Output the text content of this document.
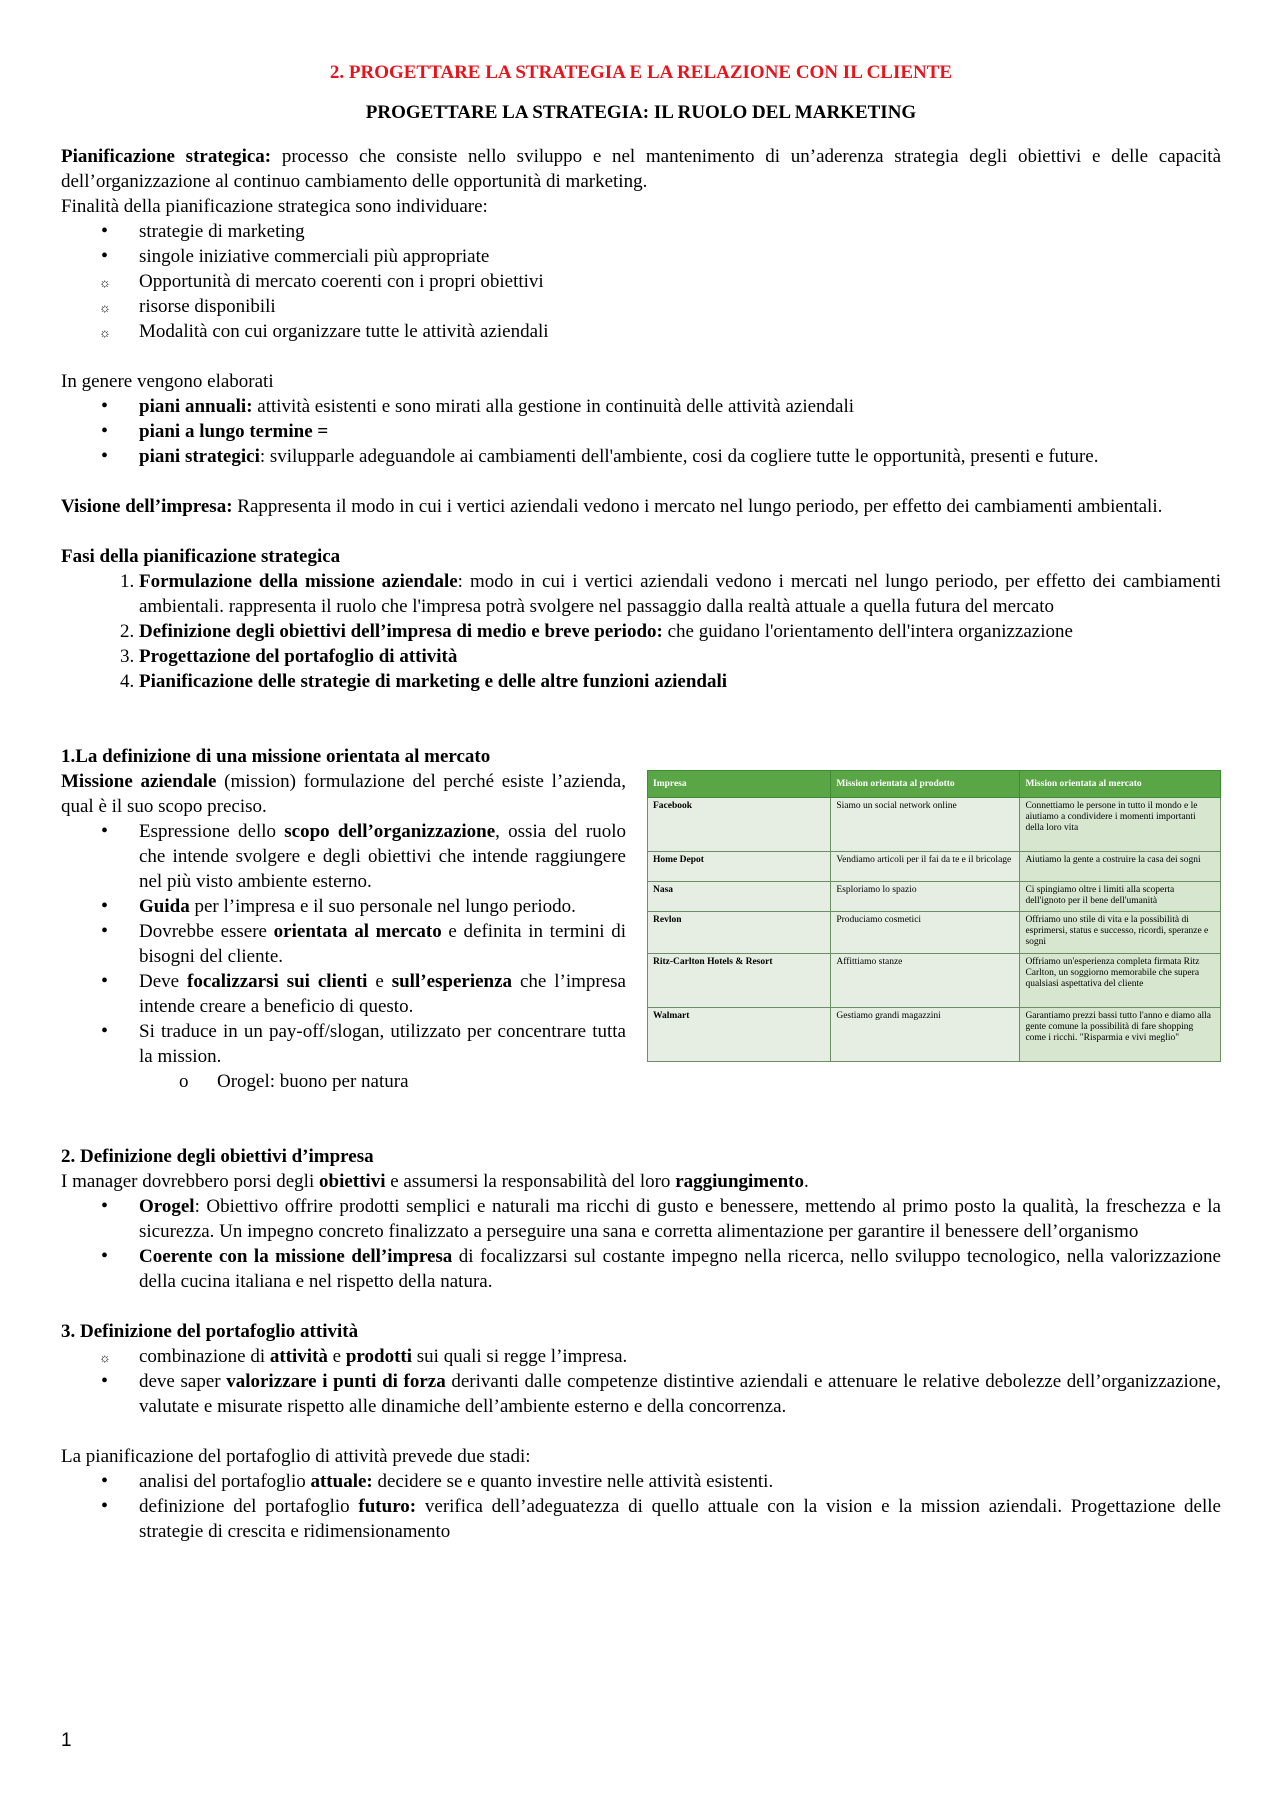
2. PROGETTARE LA STRATEGIA E LA RELAZIONE CON IL CLIENTE
PROGETTARE LA STRATEGIA: IL RUOLO DEL MARKETING

Pianificazione strategica: processo che consiste nello sviluppo e nel mantenimento di un’aderenza strategia degli obiettivi e delle capacità dell’organizzazione al continuo cambiamento delle opportunità di marketing.

Finalità della pianificazione strategica sono individuare:

• strategie di marketing
• singole iniziative commerciali più appropriate
☼ Opportunità di mercato coerenti con i propri obiettivi
☼ risorse disponibili
☼ Modalità con cui organizzare tutte le attività aziendali

In genere vengono elaborati

• piani annuali: attività esistenti e sono mirati alla gestione in continuità delle attività aziendali
• piani a lungo termine =
• piani strategici: svilupparle adeguandole ai cambiamenti dell'ambiente, cosi da cogliere tutte le opportunità, presenti e future.

Visione dell’impresa: Rappresenta il modo in cui i vertici aziendali vedono i mercato nel lungo periodo, per effetto dei cambiamenti ambientali.

Fasi della pianificazione strategica

1. Formulazione della missione aziendale: modo in cui i vertici aziendali vedono i mercati nel lungo periodo, per effetto dei cambiamenti ambientali. rappresenta il ruolo che l'impresa potrà svolgere nel passaggio dalla realtà attuale a quella futura del mercato
2. Definizione degli obiettivi dell’impresa di medio e breve periodo: che guidano l'orientamento dell'intera organizzazione
3. Progettazione del portafoglio di attività
4. Pianificazione delle strategie di marketing e delle altre funzioni aziendali

1.La definizione di una missione orientata al mercato

Missione aziendale (mission) formulazione del perché esiste l’azienda, qual è il suo scopo preciso.

• Espressione dello scopo dell’organizzazione, ossia del ruolo che intende svolgere e degli obiettivi che intende raggiungere nel più visto ambiente esterno.
• Guida per l’impresa e il suo personale nel lungo periodo.
• Dovrebbe essere orientata al mercato e definita in termini di bisogni del cliente.
• Deve focalizzarsi sui clienti e sull’esperienza che l’impresa intende creare a beneficio di questo.
• Si traduce in un pay-off/slogan, utilizzato per concentrare tutta la mission.
o Orogel: buono per natura
Impresa	Mission orientata al prodotto	Mission orientata al mercato
Facebook	Siamo un social network online	Connettiamo le persone in tutto il mondo e le aiutiamo a condividere i momenti importanti della loro vita
Home Depot	Vendiamo articoli per il fai da te e il bricolage	Aiutiamo la gente a costruire la casa dei sogni
Nasa	Esploriamo lo spazio	Ci spingiamo oltre i limiti alla scoperta dell'ignoto per il bene dell'umanità
Revlon	Produciamo cosmetici	Offriamo uno stile di vita e la possibilità di esprimersi, status e successo, ricordi, speranze e sogni
Ritz-Carlton Hotels & Resort	Affittiamo stanze	Offriamo un'esperienza completa firmata Ritz Carlton, un soggiorno memorabile che supera qualsiasi aspettativa del cliente
Walmart	Gestiamo grandi magazzini	Garantiamo prezzi bassi tutto l'anno e diamo alla gente comune la possibilità di fare shopping come i ricchi. "Risparmia e vivi meglio"

2. Definizione degli obiettivi d’impresa

I manager dovrebbero porsi degli obiettivi e assumersi la responsabilità del loro raggiungimento.

• Orogel: Obiettivo offrire prodotti semplici e naturali ma ricchi di gusto e benessere, mettendo al primo posto la qualità, la freschezza e la sicurezza. Un impegno concreto finalizzato a perseguire una sana e corretta alimentazione per garantire il benessere dell’organismo
• Coerente con la missione dell’impresa di focalizzarsi sul costante impegno nella ricerca, nello sviluppo tecnologico, nella valorizzazione della cucina italiana e nel rispetto della natura.

3. Definizione del portafoglio attività

☼ combinazione di attività e prodotti sui quali si regge l’impresa.
• deve saper valorizzare i punti di forza derivanti dalle competenze distintive aziendali e attenuare le relative debolezze dell’organizzazione, valutate e misurate rispetto alle dinamiche dell’ambiente esterno e della concorrenza.

La pianificazione del portafoglio di attività prevede due stadi:

• analisi del portafoglio attuale: decidere se e quanto investire nelle attività esistenti.
• definizione del portafoglio futuro: verifica dell’adeguatezza di quello attuale con la vision e la mission aziendali. Progettazione delle strategie di crescita e ridimensionamento
1
